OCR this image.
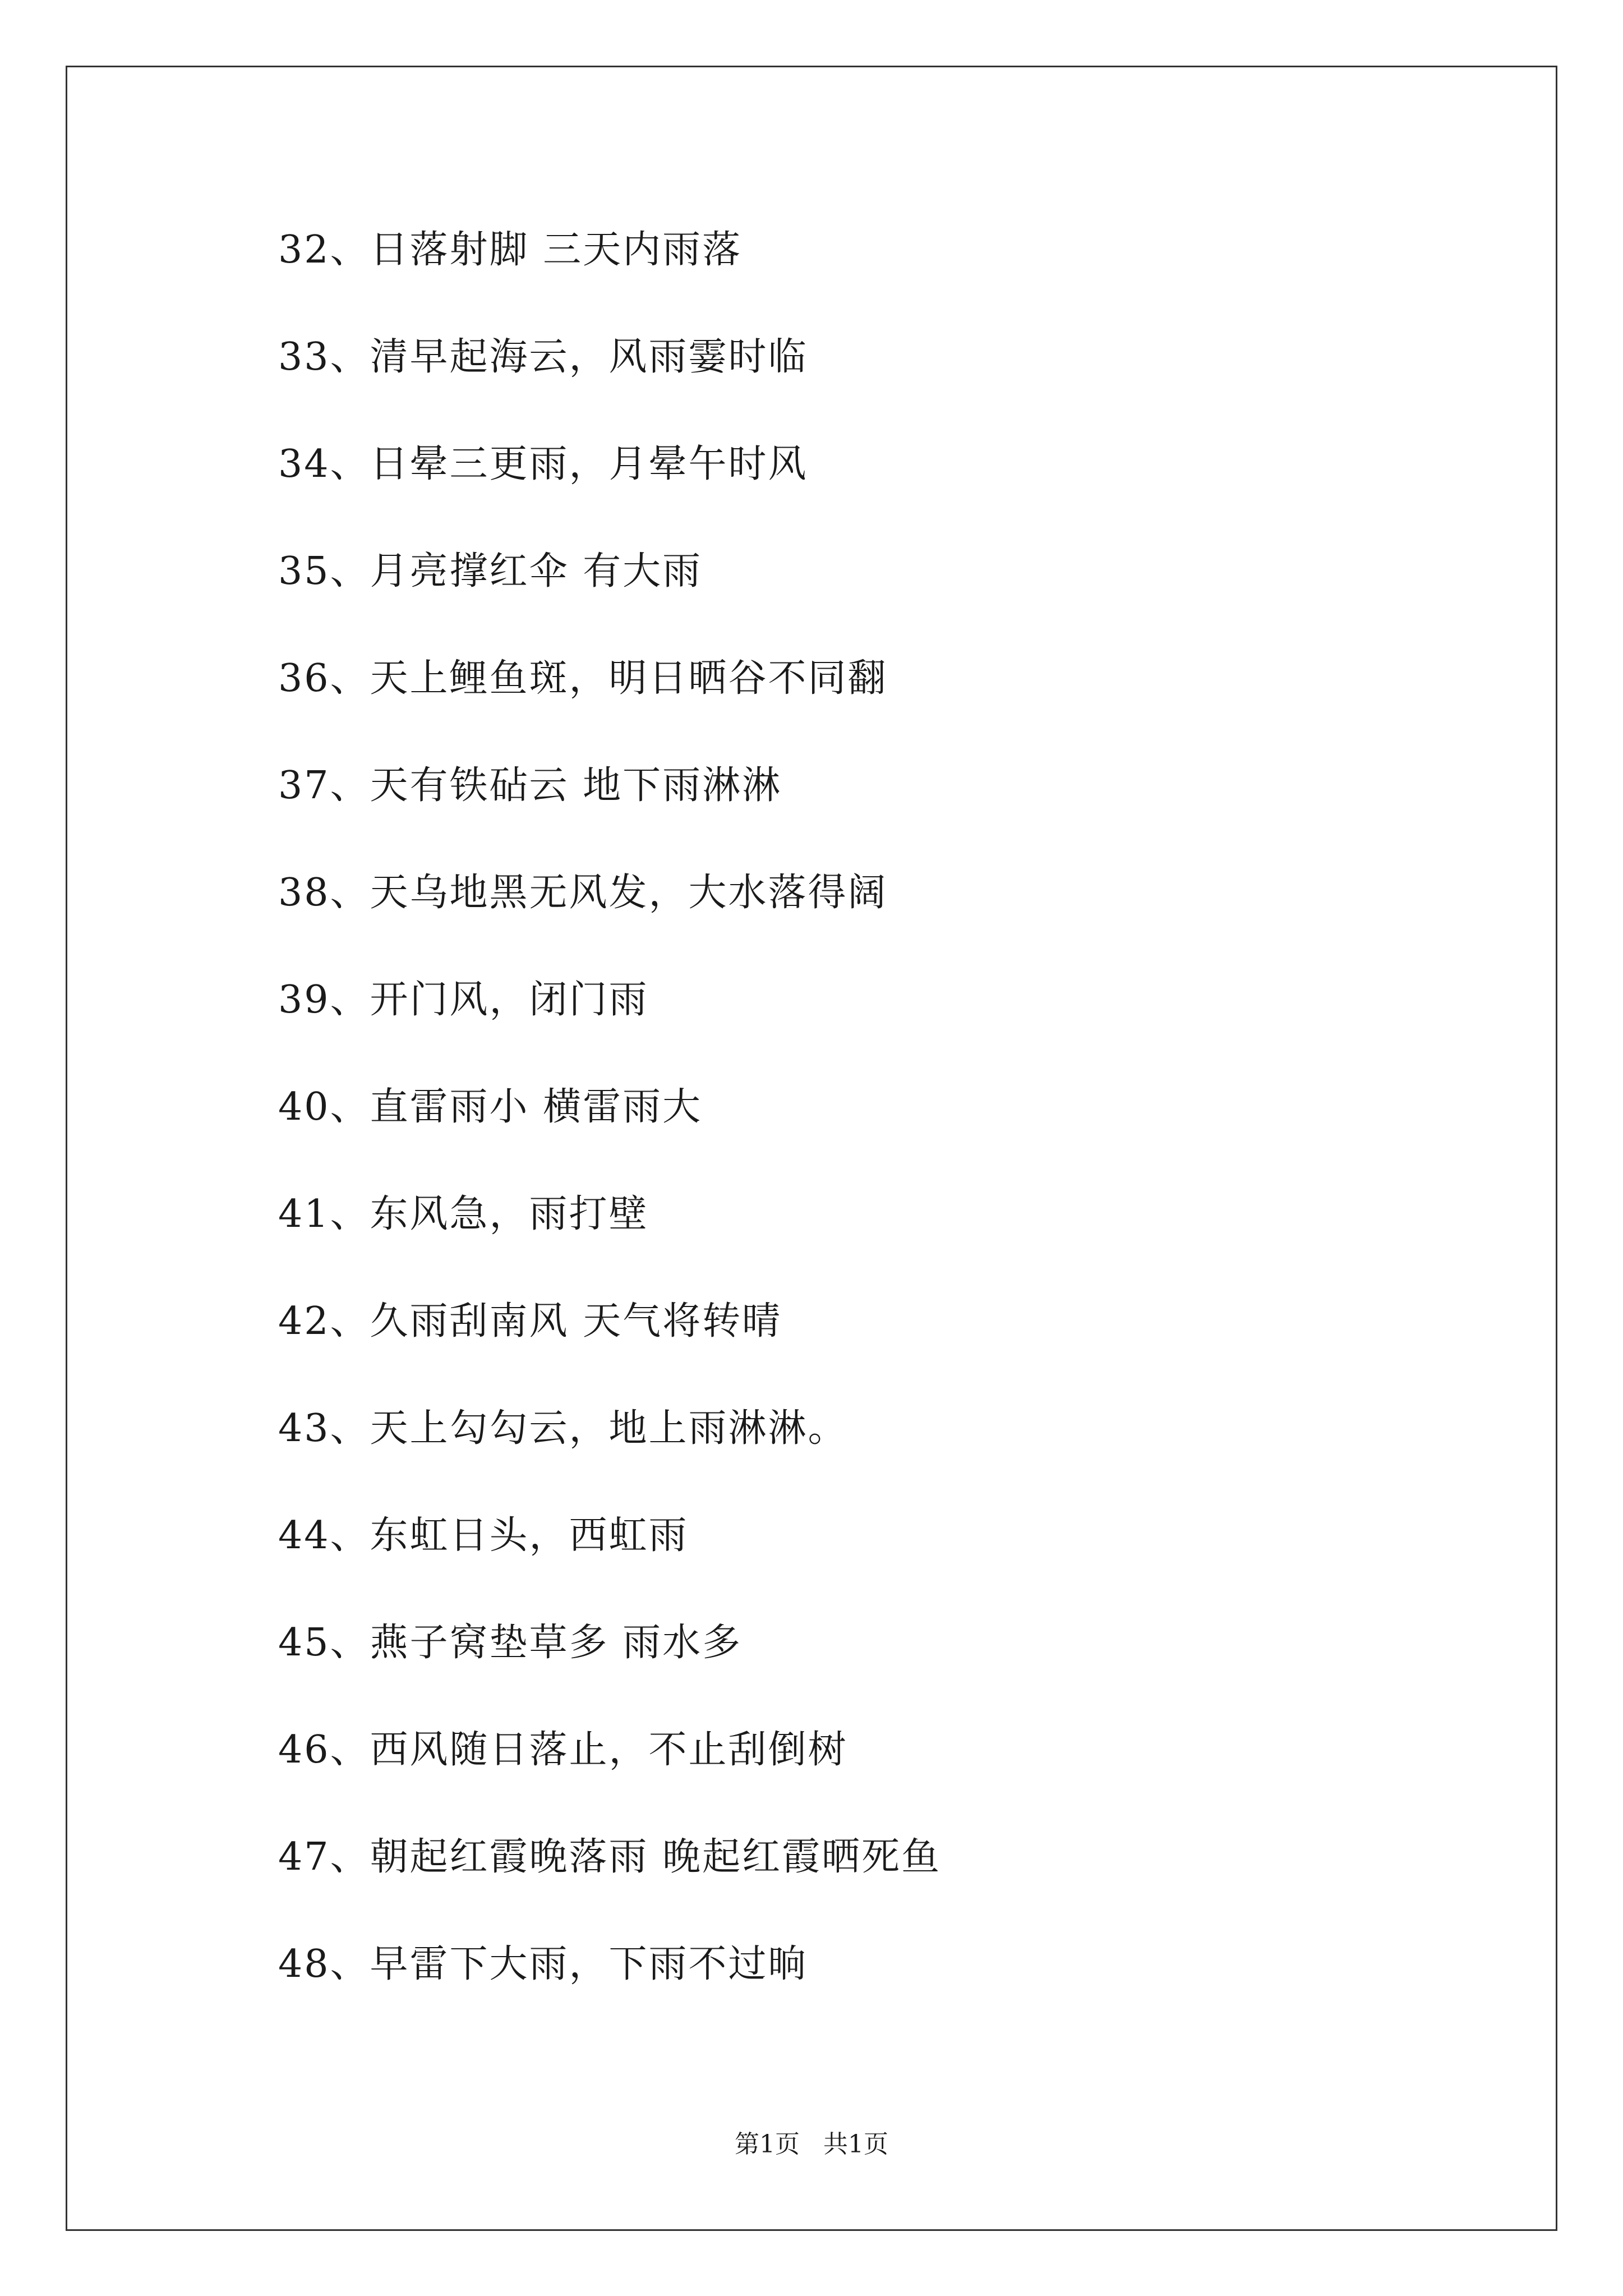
32、日落射脚 三天内雨落
33、清早起海云，风雨霎时临
34、日晕三更雨，月晕午时风
35、月亮撑红伞 有大雨
36、天上鲤鱼斑，明日晒谷不同翻
37、天有铁砧云 地下雨淋淋
38、天乌地黑无风发，大水落得阔
39、开门风，闭门雨
40、直雷雨小 横雷雨大
41、东风急，雨打壁
42、久雨刮南风 天气将转晴
43、天上勾勾云，地上雨淋淋。
44、东虹日头，西虹雨
45、燕子窝垫草多 雨水多
46、西风随日落止，不止刮倒树
47、朝起红霞晚落雨 晚起红霞晒死鱼
48、早雷下大雨，下雨不过晌
第1页   共1页
